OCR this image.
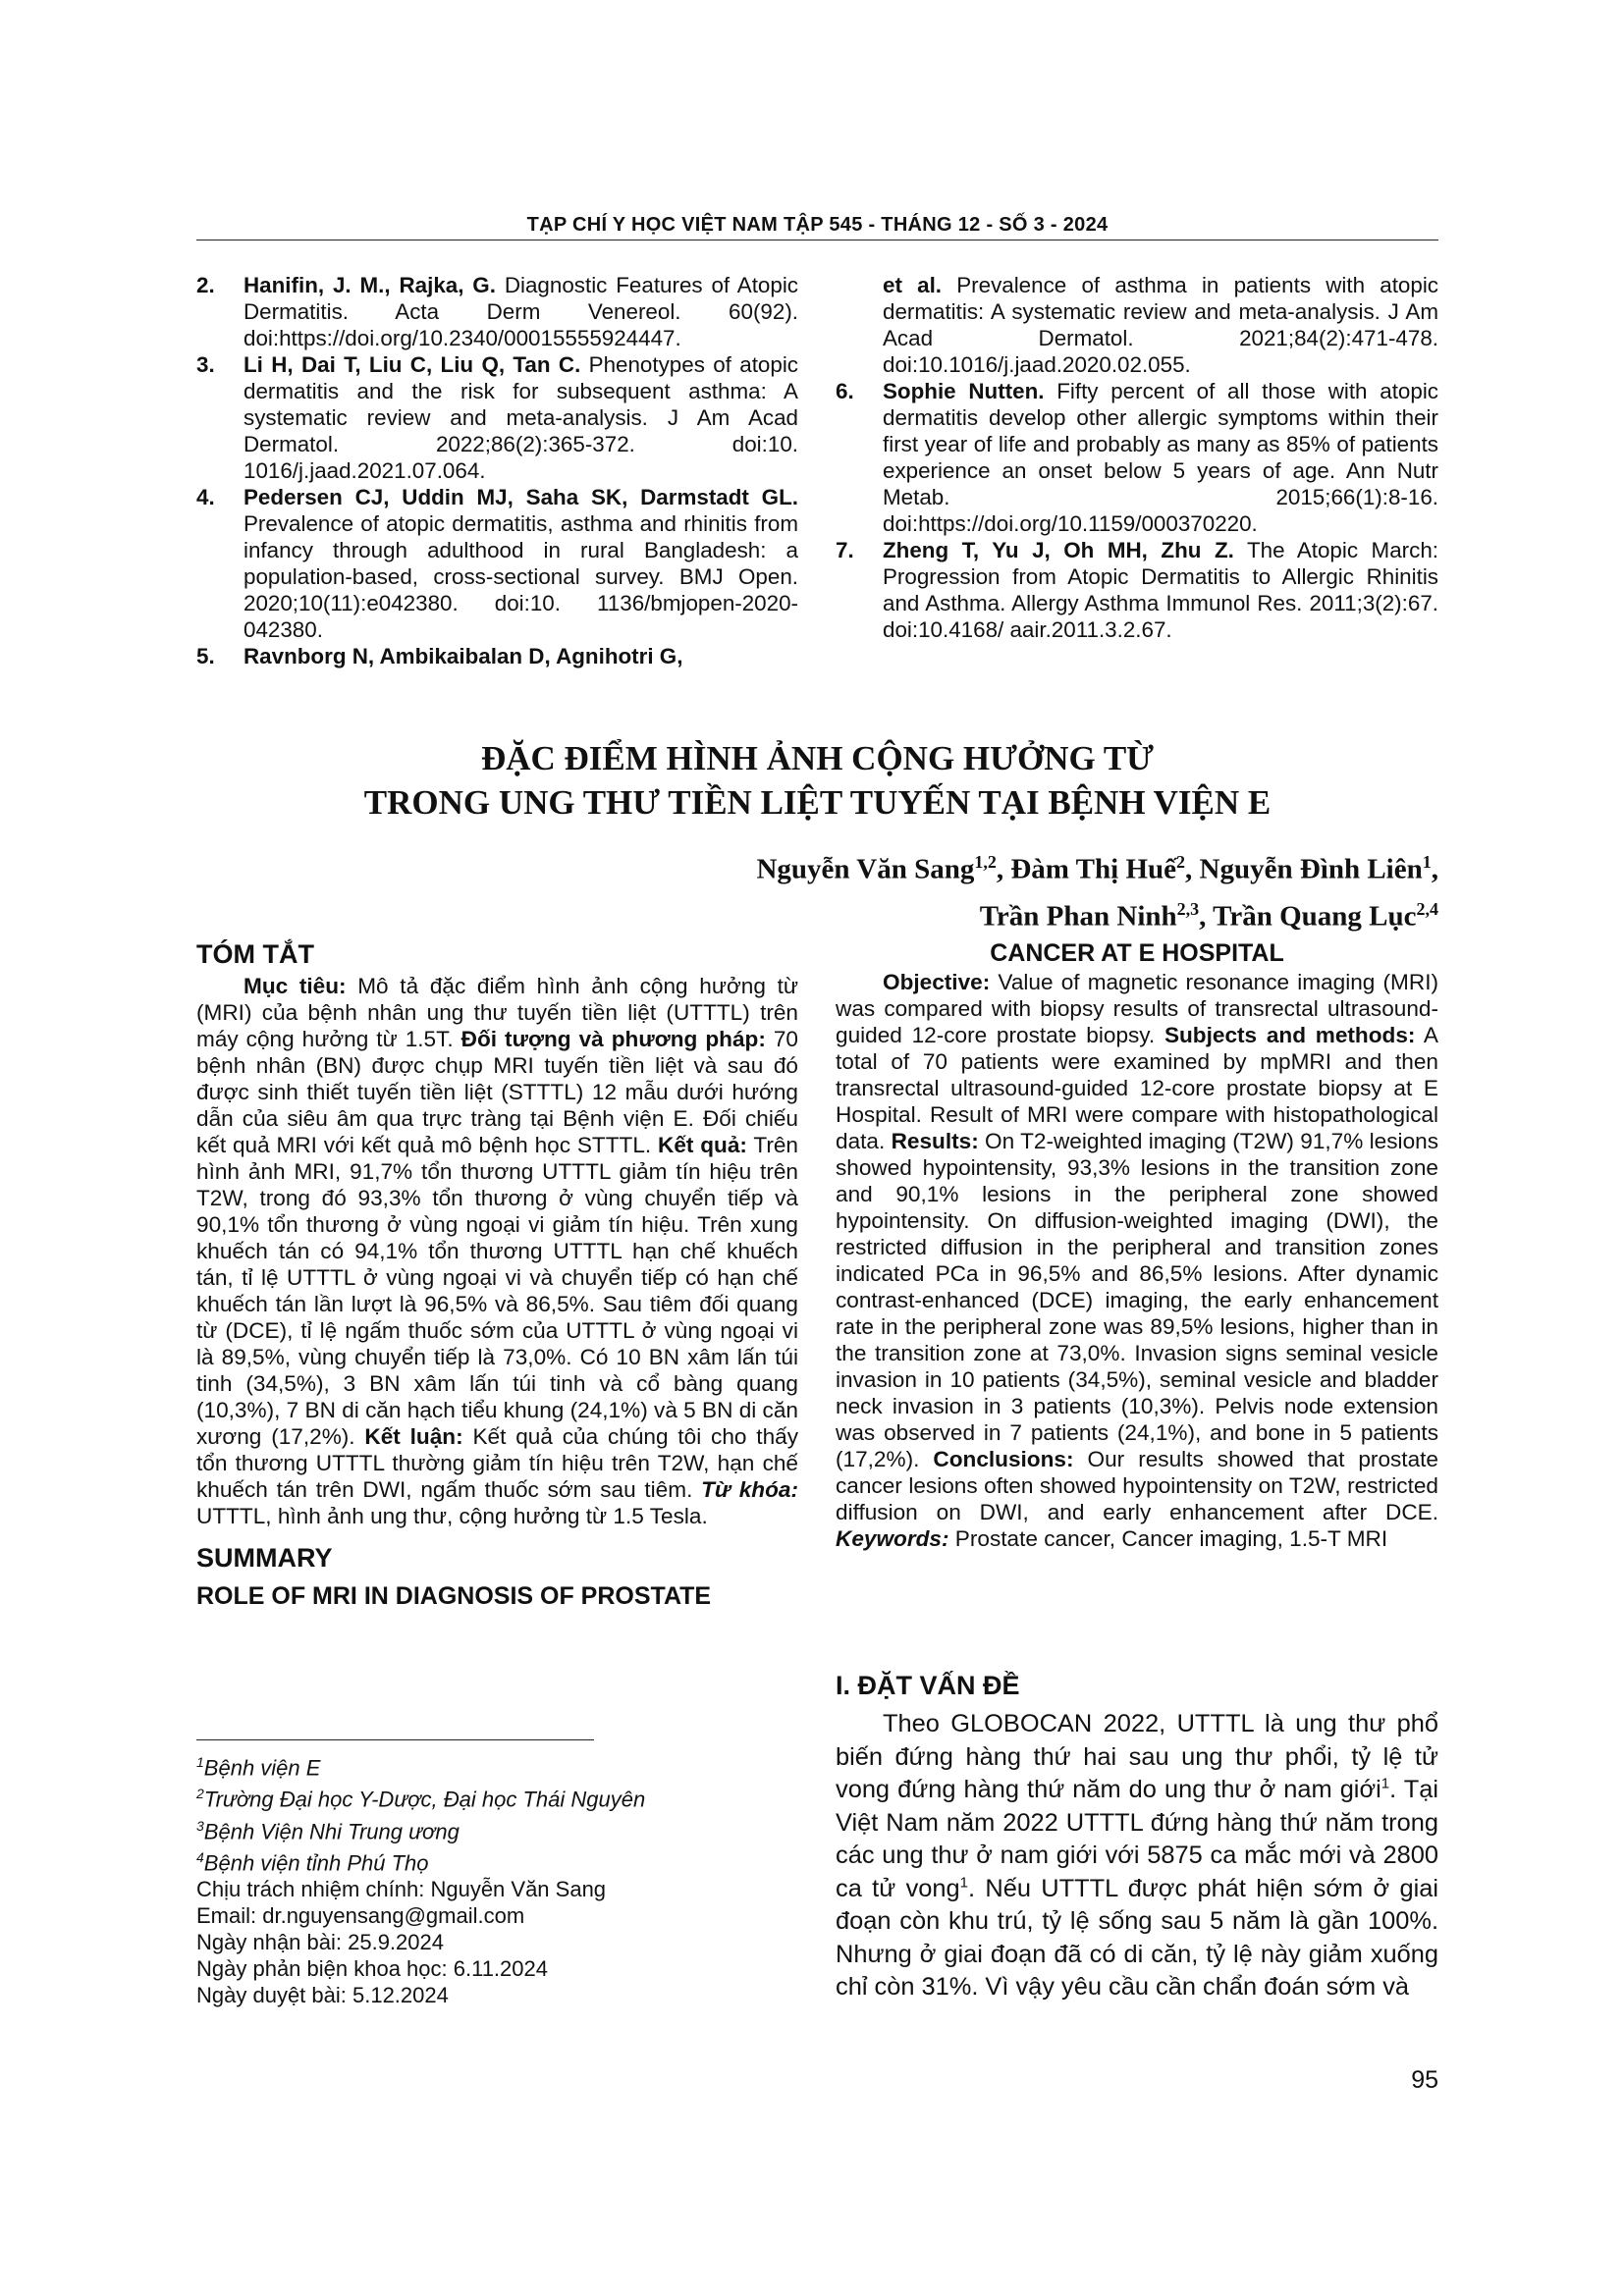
TẠP CHÍ Y HỌC VIỆT NAM TẬP 545 - THÁNG 12 - SỐ 3 - 2024
2. Hanifin, J. M., Rajka, G. Diagnostic Features of Atopic Dermatitis. Acta Derm Venereol. 60(92). doi:https://doi.org/10.2340/00015555924447.
3. Li H, Dai T, Liu C, Liu Q, Tan C. Phenotypes of atopic dermatitis and the risk for subsequent asthma: A systematic review and meta-analysis. J Am Acad Dermatol. 2022;86(2):365-372. doi:10. 1016/j.jaad.2021.07.064.
4. Pedersen CJ, Uddin MJ, Saha SK, Darmstadt GL. Prevalence of atopic dermatitis, asthma and rhinitis from infancy through adulthood in rural Bangladesh: a population-based, cross-sectional survey. BMJ Open. 2020;10(11):e042380. doi:10. 1136/bmjopen-2020-042380.
5. Ravnborg N, Ambikaibalan D, Agnihotri G,
et al. Prevalence of asthma in patients with atopic dermatitis: A systematic review and meta-analysis. J Am Acad Dermatol. 2021;84(2):471-478. doi:10.1016/j.jaad.2020.02.055.
6. Sophie Nutten. Fifty percent of all those with atopic dermatitis develop other allergic symptoms within their first year of life and probably as many as 85% of patients experience an onset below 5 years of age. Ann Nutr Metab. 2015;66(1):8-16. doi:https://doi.org/10.1159/000370220.
7. Zheng T, Yu J, Oh MH, Zhu Z. The Atopic March: Progression from Atopic Dermatitis to Allergic Rhinitis and Asthma. Allergy Asthma Immunol Res. 2011;3(2):67. doi:10.4168/ aair.2011.3.2.67.
ĐẶC ĐIỂM HÌNH ẢNH CỘNG HƯỞNG TỪ
TRONG UNG THƯ TIỀN LIỆT TUYẾN TẠI BỆNH VIỆN E
Nguyễn Văn Sang$^{1,2}$, Đàm Thị Huế$^2$, Nguyễn Đình Liên$^1$,
Trần Phan Ninh$^{2,3}$, Trần Quang Lục$^{2,4}$
TÓM TẮT

Mục tiêu: Mô tả đặc điểm hình ảnh cộng hưởng từ (MRI) của bệnh nhân ung thư tuyến tiền liệt (UTTTL) trên máy cộng hưởng từ 1.5T. Đối tượng và phương pháp: 70 bệnh nhân (BN) được chụp MRI tuyến tiền liệt và sau đó được sinh thiết tuyến tiền liệt (STTTL) 12 mẫu dưới hướng dẫn của siêu âm qua trực tràng tại Bệnh viện E. Đối chiếu kết quả MRI với kết quả mô bệnh học STTTL. Kết quả: Trên hình ảnh MRI, 91,7% tổn thương UTTTL giảm tín hiệu trên T2W, trong đó 93,3% tổn thương ở vùng chuyển tiếp và 90,1% tổn thương ở vùng ngoại vi giảm tín hiệu. Trên xung khuếch tán có 94,1% tổn thương UTTTL hạn chế khuếch tán, tỉ lệ UTTTL ở vùng ngoại vi và chuyển tiếp có hạn chế khuếch tán lần lượt là 96,5% và 86,5%. Sau tiêm đối quang từ (DCE), tỉ lệ ngấm thuốc sớm của UTTTL ở vùng ngoại vi là 89,5%, vùng chuyển tiếp là 73,0%. Có 10 BN xâm lấn túi tinh (34,5%), 3 BN xâm lấn túi tinh và cổ bàng quang (10,3%), 7 BN di căn hạch tiểu khung (24,1%) và 5 BN di căn xương (17,2%). Kết luận: Kết quả của chúng tôi cho thấy tổn thương UTTTL thường giảm tín hiệu trên T2W, hạn chế khuếch tán trên DWI, ngấm thuốc sớm sau tiêm. Từ khóa: UTTTL, hình ảnh ung thư, cộng hưởng từ 1.5 Tesla.

SUMMARY
ROLE OF MRI IN DIAGNOSIS OF PROSTATE
CANCER AT E HOSPITAL

Objective: Value of magnetic resonance imaging (MRI) was compared with biopsy results of transrectal ultrasound-guided 12-core prostate biopsy. Subjects and methods: A total of 70 patients were examined by mpMRI and then transrectal ultrasound-guided 12-core prostate biopsy at E Hospital. Result of MRI were compare with histopathological data. Results: On T2-weighted imaging (T2W) 91,7% lesions showed hypointensity, 93,3% lesions in the transition zone and 90,1% lesions in the peripheral zone showed hypointensity. On diffusion-weighted imaging (DWI), the restricted diffusion in the peripheral and transition zones indicated PCa in 96,5% and 86,5% lesions. After dynamic contrast-enhanced (DCE) imaging, the early enhancement rate in the peripheral zone was 89,5% lesions, higher than in the transition zone at 73,0%. Invasion signs seminal vesicle invasion in 10 patients (34,5%), seminal vesicle and bladder neck invasion in 3 patients (10,3%). Pelvis node extension was observed in 7 patients (24,1%), and bone in 5 patients (17,2%). Conclusions: Our results showed that prostate cancer lesions often showed hypointensity on T2W, restricted diffusion on DWI, and early enhancement after DCE. Keywords: Prostate cancer, Cancer imaging, 1.5-T MRI

I. ĐẶT VẤN ĐỀ

Theo GLOBOCAN 2022, UTTTL là ung thư phổ biến đứng hàng thứ hai sau ung thư phổi, tỷ lệ tử vong đứng hàng thứ năm do ung thư ở nam giới$^1$. Tại Việt Nam năm 2022 UTTTL đứng hàng thứ năm trong các ung thư ở nam giới với 5875 ca mắc mới và 2800 ca tử vong$^1$. Nếu UTTTL được phát hiện sớm ở giai đoạn còn khu trú, tỷ lệ sống sau 5 năm là gần 100%. Nhưng ở giai đoạn đã có di căn, tỷ lệ này giảm xuống chỉ còn 31%. Vì vậy yêu cầu cần chẩn đoán sớm và

$^1$Bệnh viện E
$^2$Trường Đại học Y-Dược, Đại học Thái Nguyên
$^3$Bệnh Viện Nhi Trung ương
$^4$Bệnh viện tỉnh Phú Thọ
Chịu trách nhiệm chính: Nguyễn Văn Sang
Email: dr.nguyensang@gmail.com
Ngày nhận bài: 25.9.2024
Ngày phản biện khoa học: 6.11.2024
Ngày duyệt bài: 5.12.2024
95
